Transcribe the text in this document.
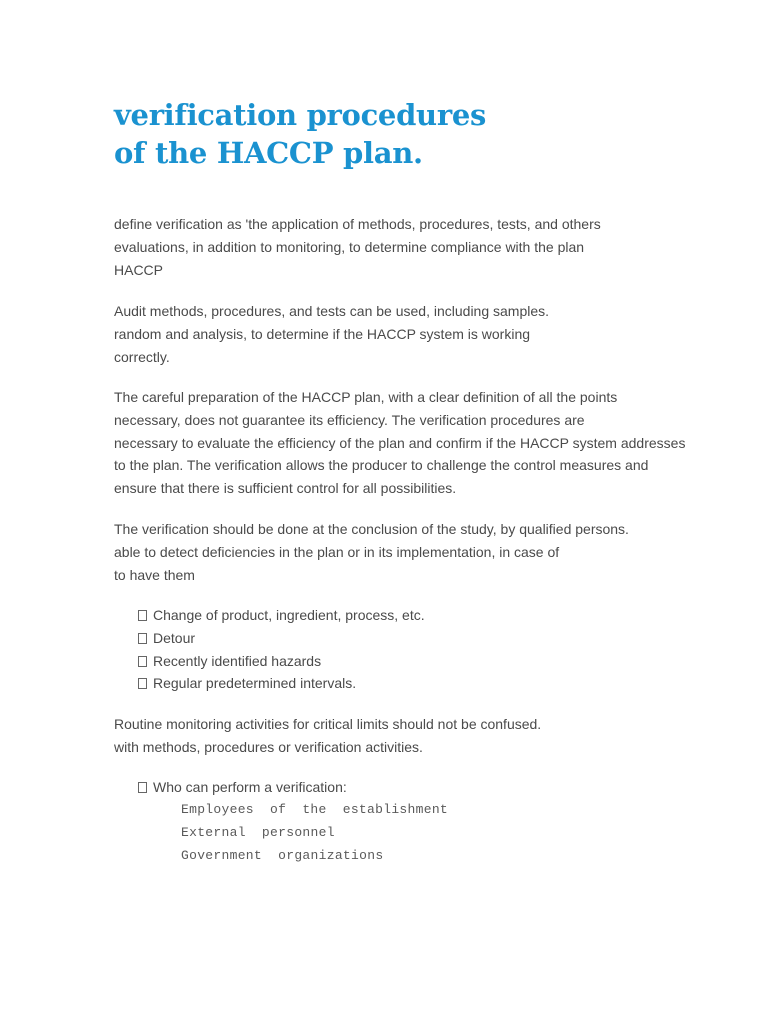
verification procedures
of the HACCP plan.

define verification as 'the application of methods, procedures, tests, and others
evaluations, in addition to monitoring, to determine compliance with the plan
HACCP

Audit methods, procedures, and tests can be used, including samples.
random and analysis, to determine if the HACCP system is working
correctly.

The careful preparation of the HACCP plan, with a clear definition of all the points
necessary, does not guarantee its efficiency. The verification procedures are
necessary to evaluate the efficiency of the plan and confirm if the HACCP system addresses
to the plan. The verification allows the producer to challenge the control measures and
ensure that there is sufficient control for all possibilities.

The verification should be done at the conclusion of the study, by qualified persons.
able to detect deficiencies in the plan or in its implementation, in case of
to have them

Change of product, ingredient, process, etc.
Detour
Recently identified hazards
Regular predetermined intervals.

Routine monitoring activities for critical limits should not be confused.
with methods, procedures or verification activities.

Who can perform a verification:
Employees of the establishment
External personnel
Government organizations
